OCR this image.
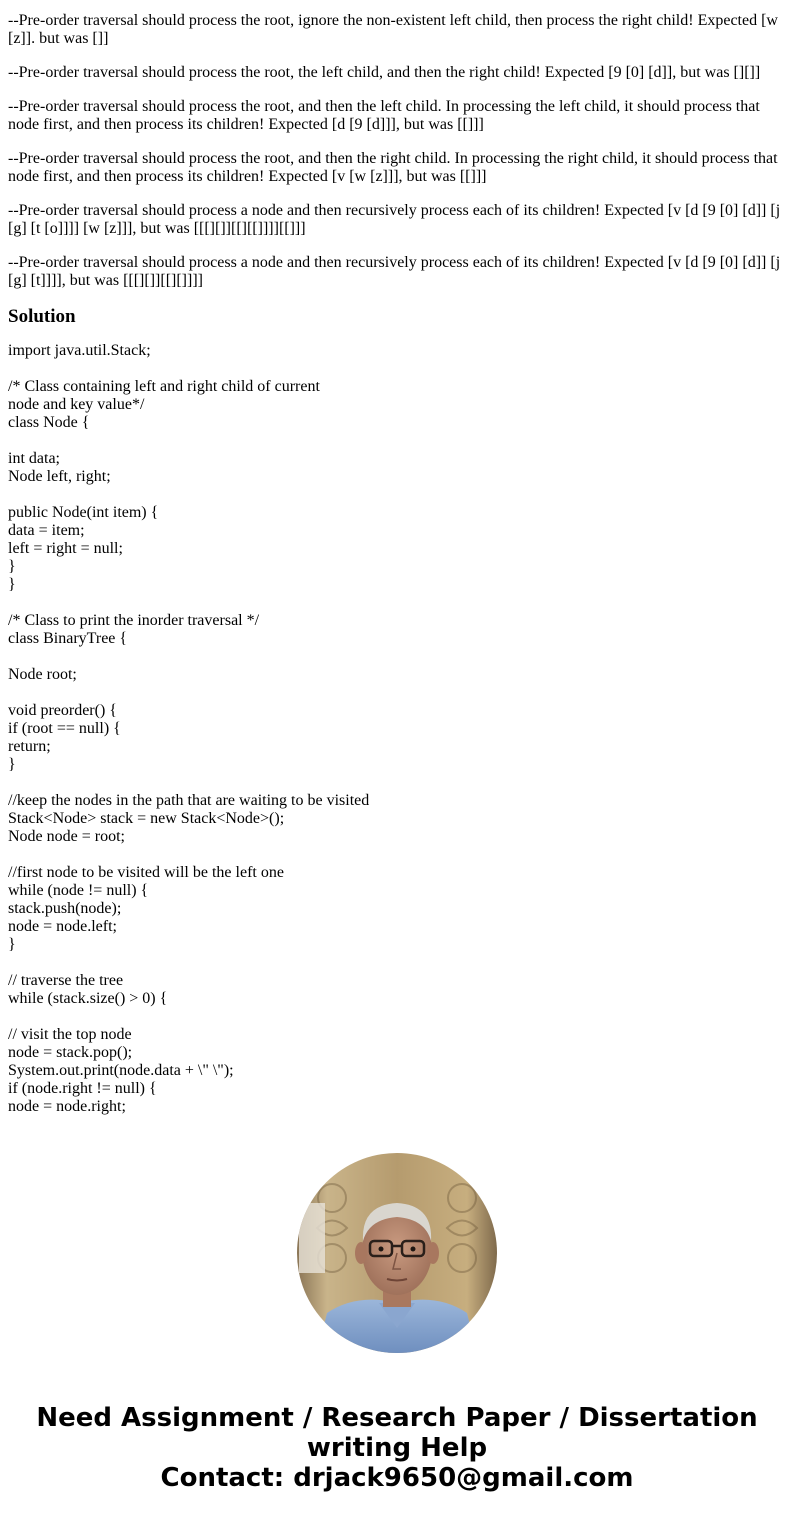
--Pre-order traversal should process the root, ignore the non-existent left child, then process the right child! Expected [w [z]]. but was []]

--Pre-order traversal should process the root, the left child, and then the right child! Expected [9 [0] [d]], but was [][]]

--Pre-order traversal should process the root, and then the left child. In processing the left child, it should process that node first, and then process its children! Expected [d [9 [d]]], but was [[]]]

--Pre-order traversal should process the root, and then the right child. In processing the right child, it should process that node first, and then process its children! Expected [v [w [z]]], but was [[]]]

--Pre-order traversal should process a node and then recursively process each of its children! Expected [v [d [9 [0] [d]] [j [g] [t [o]]]] [w [z]]], but was [[[][]][[][[]]]][[]]]

--Pre-order traversal should process a node and then recursively process each of its children! Expected [v [d [9 [0] [d]] [j [g] [t]]]], but was [[[][]][[][]]]]

Solution
import java.util.Stack;
/* Class containing left and right child of current
node and key value*/
class Node {
int data;
Node left, right;
public Node(int item) {
data = item;
left = right = null;
}
}
/* Class to print the inorder traversal */
class BinaryTree {
Node root;
void preorder() {
if (root == null) {
return;
}
//keep the nodes in the path that are waiting to be visited
Stack<Node> stack = new Stack<Node>();
Node node = root;
//first node to be visited will be the left one
while (node != null) {
stack.push(node);
node = node.left;
}
// traverse the tree
while (stack.size() > 0) {
// visit the top node
node = stack.pop();
System.out.print(node.data + \" \");
if (node.right != null) {
node = node.right;
Need Assignment / Research Paper / Dissertation
writing Help
Contact: drjack9650@gmail.com
